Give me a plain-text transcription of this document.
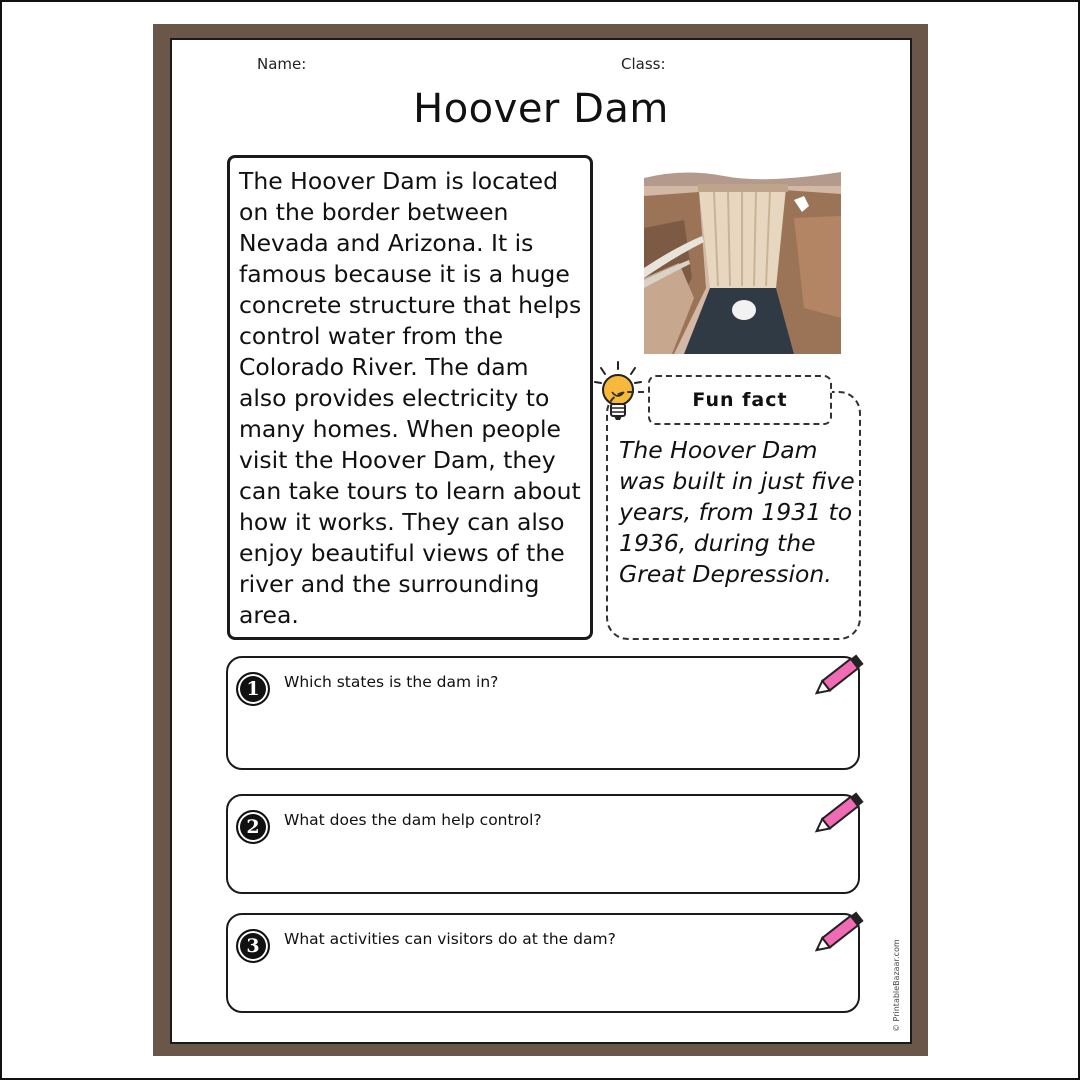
Name:	Class:
Hoover Dam

The Hoover Dam is located on the border between Nevada and Arizona. It is famous because it is a huge concrete structure that helps control water from the Colorado River. The dam also provides electricity to many homes. When people visit the Hoover Dam, they can take tours to learn about how it works. They can also enjoy beautiful views of the river and the surrounding area.

Fun fact
The Hoover Dam was built in just five years, from 1931 to 1936, during the Great Depression.
1	Which states is the dam in?
2	What does the dam help control?
3	What activities can visitors do at the dam?
© PrintableBazaar.com
